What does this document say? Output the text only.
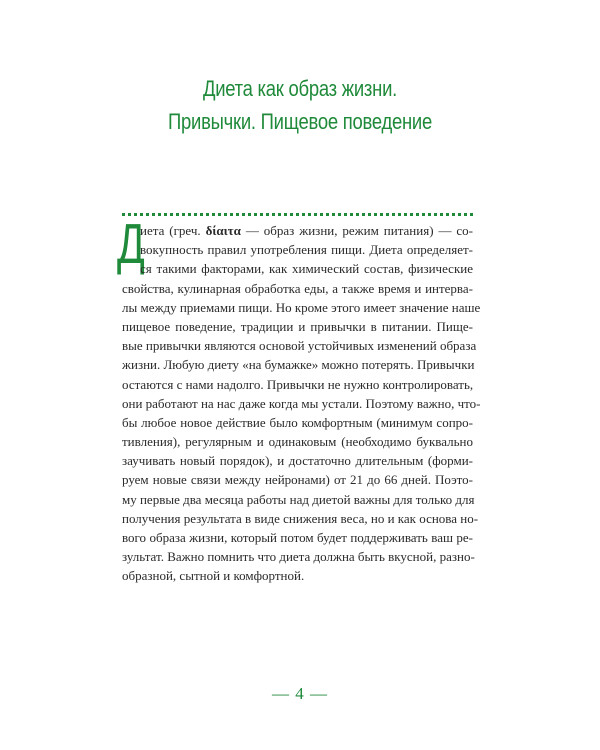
Диета как образ жизни.
Привычки. Пищевое поведение
Д
иета (греч. δίαιτα — образ жизни, режим питания) — со-
вокупность правил употребления пищи. Диета определяет-
ся такими факторами, как химический состав, физические
свойства, кулинарная обработка еды, а также время и интерва-
лы между приемами пищи. Но кроме этого имеет значение наше
пищевое поведение, традиции и привычки в питании. Пище-
вые привычки являются основой устойчивых изменений образа
жизни. Любую диету «на бумажке» можно потерять. Привычки
остаются с нами надолго. Привычки не нужно контролировать,
они работают на нас даже когда мы устали. Поэтому важно, что-
бы любое новое действие было комфортным (минимум сопро-
тивления), регулярным и одинаковым (необходимо буквально
заучивать новый порядок), и достаточно длительным (форми-
руем новые связи между нейронами) от 21 до 66 дней. Поэто-
му первые два месяца работы над диетой важны для только для
получения результата в виде снижения веса, но и как основа но-
вого образа жизни, который потом будет поддерживать ваш ре-
зультат. Важно помнить что диета должна быть вкусной, разно-
образной, сытной и комфортной.
— 4 —
